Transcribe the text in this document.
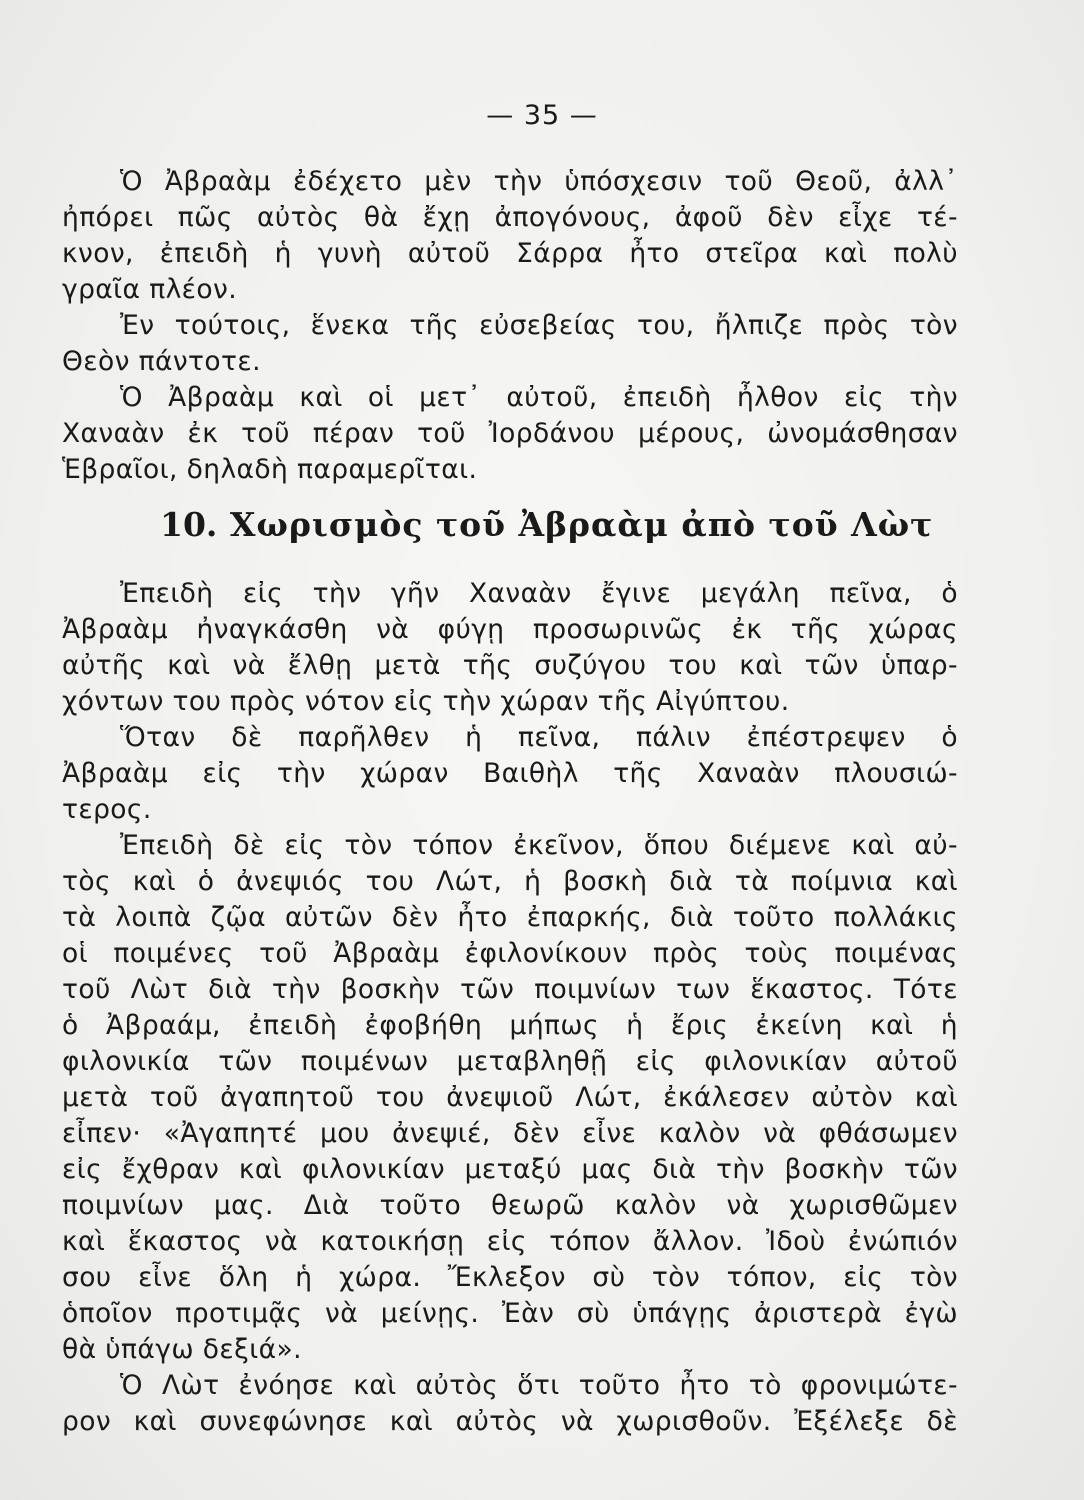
— 35 —
Ὁ Ἀβραὰμ ἐδέχετο μὲν τὴν ὑπόσχεσιν τοῦ Θεοῦ, ἀλλ᾽
ἠπόρει πῶς αὐτὸς θὰ ἔχῃ ἀπογόνους, ἀφοῦ δὲν εἶχε τέ-
κνον, ἐπειδὴ ἡ γυνὴ αὐτοῦ Σάρρα ἦτο στεῖρα καὶ πολὺ
γραῖα πλέον.
Ἐν τούτοις, ἕνεκα τῆς εὐσεβείας του, ἤλπιζε πρὸς τὸν
Θεὸν πάντοτε.
Ὁ Ἀβραὰμ καὶ οἱ μετ᾽ αὐτοῦ, ἐπειδὴ ἦλθον εἰς τὴν
Χαναὰν ἐκ τοῦ πέραν τοῦ Ἰορδάνου μέρους, ὠνομάσθησαν
Ἑβραῖοι, δηλαδὴ παραμερῖται.
10. Χωρισμὸς τοῦ Ἀβραὰμ ἀπὸ τοῦ Λὼτ
Ἐπειδὴ εἰς τὴν γῆν Χαναὰν ἔγινε μεγάλη πεῖνα, ὁ
Ἀβραὰμ ἠναγκάσθη νὰ φύγῃ προσωρινῶς ἐκ τῆς χώρας
αὐτῆς καὶ νὰ ἔλθῃ μετὰ τῆς συζύγου του καὶ τῶν ὑπαρ-
χόντων του πρὸς νότον εἰς τὴν χώραν τῆς Αἰγύπτου.
Ὅταν δὲ παρῆλθεν ἡ πεῖνα, πάλιν ἐπέστρεψεν ὁ
Ἀβραὰμ εἰς τὴν χώραν Βαιθὴλ τῆς Χαναὰν πλουσιώ-
τερος.
Ἐπειδὴ δὲ εἰς τὸν τόπον ἐκεῖνον, ὅπου διέμενε καὶ αὐ-
τὸς καὶ ὁ ἀνεψιός του Λώτ, ἡ βοσκὴ διὰ τὰ ποίμνια καὶ
τὰ λοιπὰ ζῷα αὐτῶν δὲν ἦτο ἐπαρκής, διὰ τοῦτο πολλάκις
οἱ ποιμένες τοῦ Ἀβραὰμ ἐφιλονίκουν πρὸς τοὺς ποιμένας
τοῦ Λὼτ διὰ τὴν βοσκὴν τῶν ποιμνίων των ἕκαστος. Τότε
ὁ Ἀβραάμ, ἐπειδὴ ἐφοβήθη μήπως ἡ ἔρις ἐκείνη καὶ ἡ
φιλονικία τῶν ποιμένων μεταβληθῇ εἰς φιλονικίαν αὐτοῦ
μετὰ τοῦ ἀγαπητοῦ του ἀνεψιοῦ Λώτ, ἐκάλεσεν αὐτὸν καὶ
εἶπεν· «Ἀγαπητέ μου ἀνεψιέ, δὲν εἶνε καλὸν νὰ φθάσωμεν
εἰς ἔχθραν καὶ φιλονικίαν μεταξύ μας διὰ τὴν βοσκὴν τῶν
ποιμνίων μας. Διὰ τοῦτο θεωρῶ καλὸν νὰ χωρισθῶμεν
καὶ ἕκαστος νὰ κατοικήσῃ εἰς τόπον ἄλλον. Ἰδοὺ ἐνώπιόν
σου εἶνε ὅλη ἡ χώρα. Ἔκλεξον σὺ τὸν τόπον, εἰς τὸν
ὁποῖον προτιμᾷς νὰ μείνῃς. Ἐὰν σὺ ὑπάγῃς ἀριστερὰ ἐγὼ
θὰ ὑπάγω δεξιά».
Ὁ Λὼτ ἐνόησε καὶ αὐτὸς ὅτι τοῦτο ἦτο τὸ φρονιμώτε-
ρον καὶ συνεφώνησε καὶ αὐτὸς νὰ χωρισθοῦν. Ἐξέλεξε δὲ
